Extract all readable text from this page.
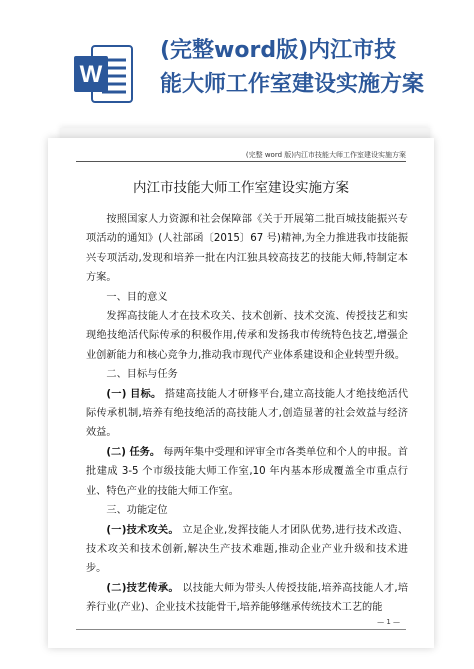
W
(完整word版)内江市技
能大师工作室建设实施方案
(完整 word 版)内江市技能大师工作室建设实施方案
内江市技能大师工作室建设实施方案

按照国家人力资源和社会保障部《关于开展第二批百城技能振兴专项活动的通知》(人社部函〔2015〕67 号)精神,为全力推进我市技能振兴专项活动,发现和培养一批在内江独具较高技艺的技能大师,特制定本方案。

一、目的意义

发挥高技能人才在技术攻关、技术创新、技术交流、传授技艺和实现绝技绝活代际传承的积极作用,传承和发扬我市传统特色技艺,增强企业创新能力和核心竞争力,推动我市现代产业体系建设和企业转型升级。

二、目标与任务

(一) 目标。 搭建高技能人才研修平台,建立高技能人才绝技绝活代际传承机制,培养有绝技绝活的高技能人才,创造显著的社会效益与经济效益。

(二) 任务。 每两年集中受理和评审全市各类单位和个人的申报。首批建成 3-5 个市级技能大师工作室,10 年内基本形成覆盖全市重点行业、特色产业的技能大师工作室。

三、功能定位

(一)技术攻关。 立足企业,发挥技能人才团队优势,进行技术改造、技术攻关和技术创新,解决生产技术难题,推动企业产业升级和技术进步。

(二)技艺传承。 以技能大师为带头人传授技能,培养高技能人才,培养行业(产业)、企业技术技能骨干,培养能够继承传统技术工艺的能

— 1 —
